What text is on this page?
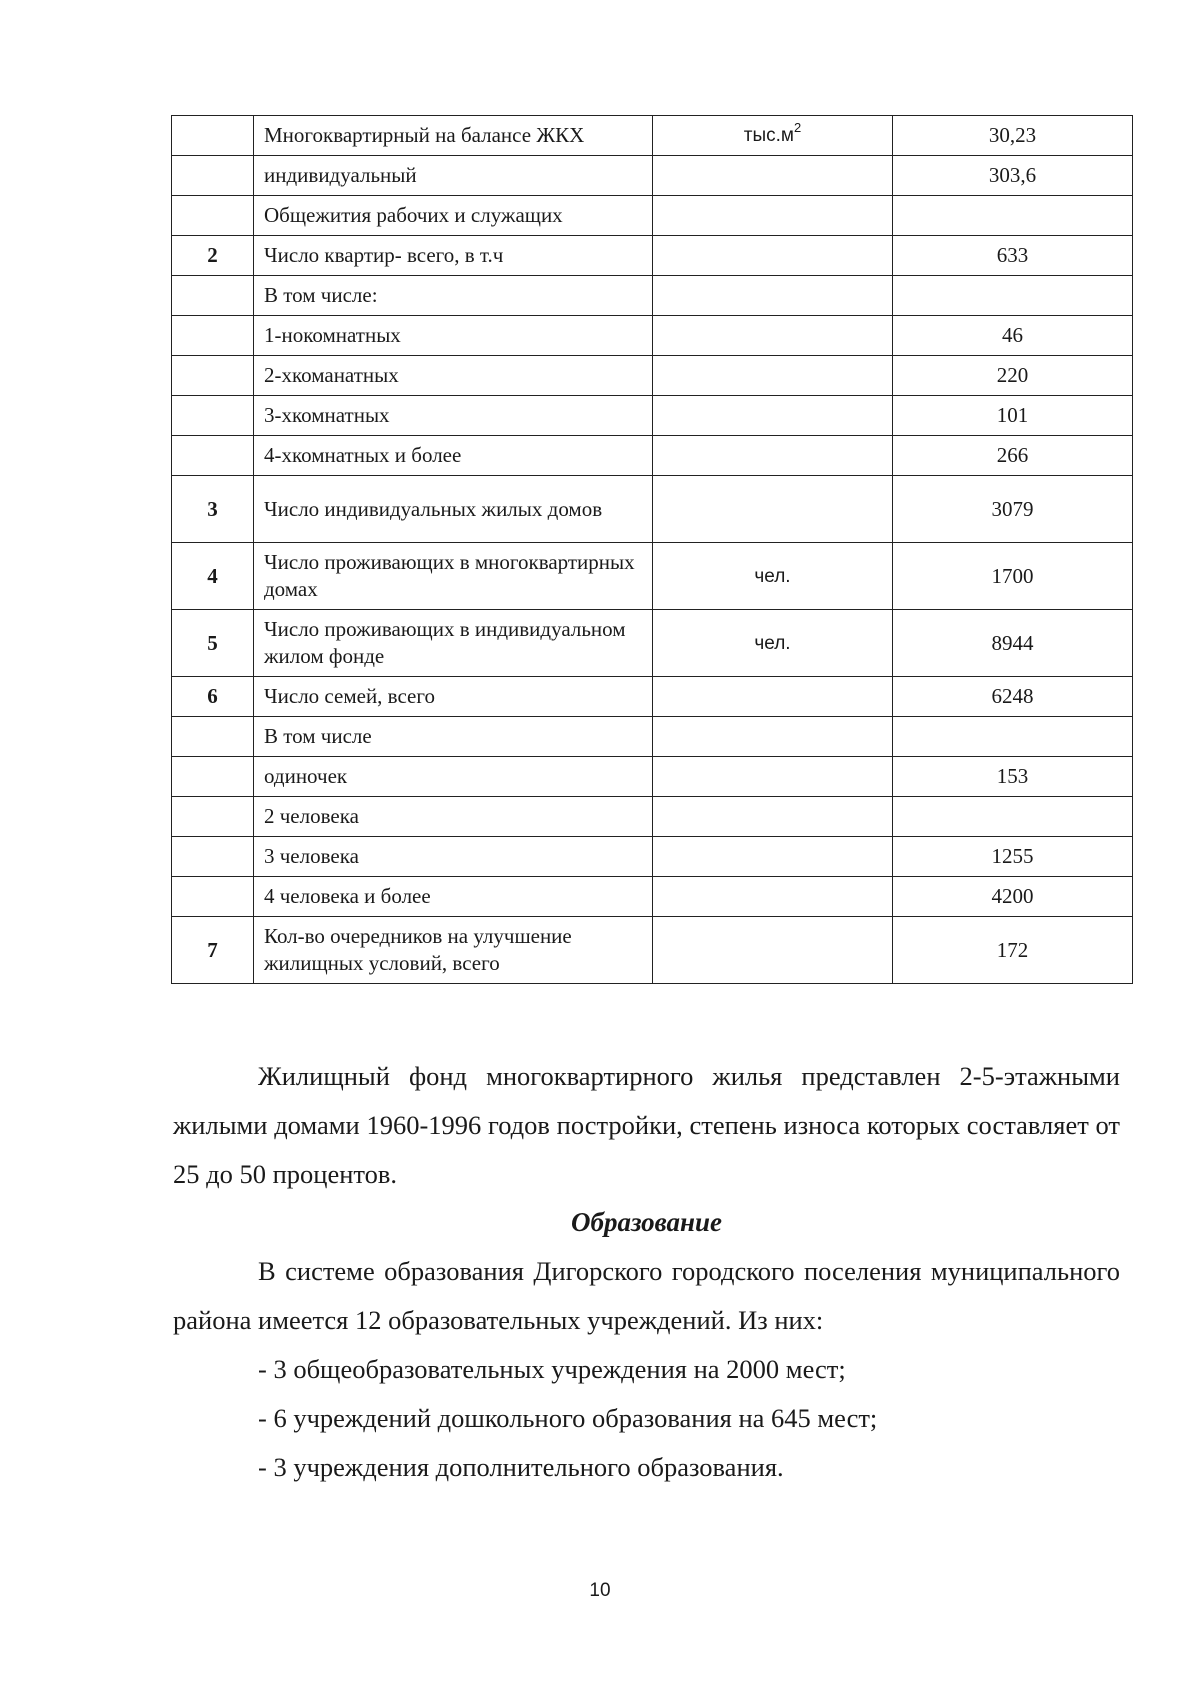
	Многоквартирный на балансе ЖКХ	$тыс.м^2$	30,23
	индивидуальный		303,6
	Общежития рабочих и служащих		
2	Число квартир- всего, в т.ч		633
	В том числе:		
	1-нокомнатных		46
	2-хкоманатных		220
	3-хкомнатных		101
	4-хкомнатных и более		266
3	Число индивидуальных жилых домов		3079
4	Число проживающих в многоквартирных домах	чел.	1700
5	Число проживающих в индивидуальном жилом фонде	чел.	8944
6	Число семей, всего		6248
	В том числе		
	одиночек		153
	2 человека		
	3 человека		1255
	4 человека и более		4200
7	Кол-во очередников на улучшение жилищных условий, всего		172

Жилищный фонд многоквартирного жилья представлен 2-5-этажными жилыми домами 1960-1996 годов постройки, степень износа которых составляет от 25 до 50 процентов.

Образование

В системе образования Дигорского городского поселения муниципального района имеется 12 образовательных учреждений. Из них:

- 3 общеобразовательных учреждения на 2000 мест;
- 6 учреждений дошкольного образования на 645 мест;
- 3 учреждения дополнительного образования.
10
